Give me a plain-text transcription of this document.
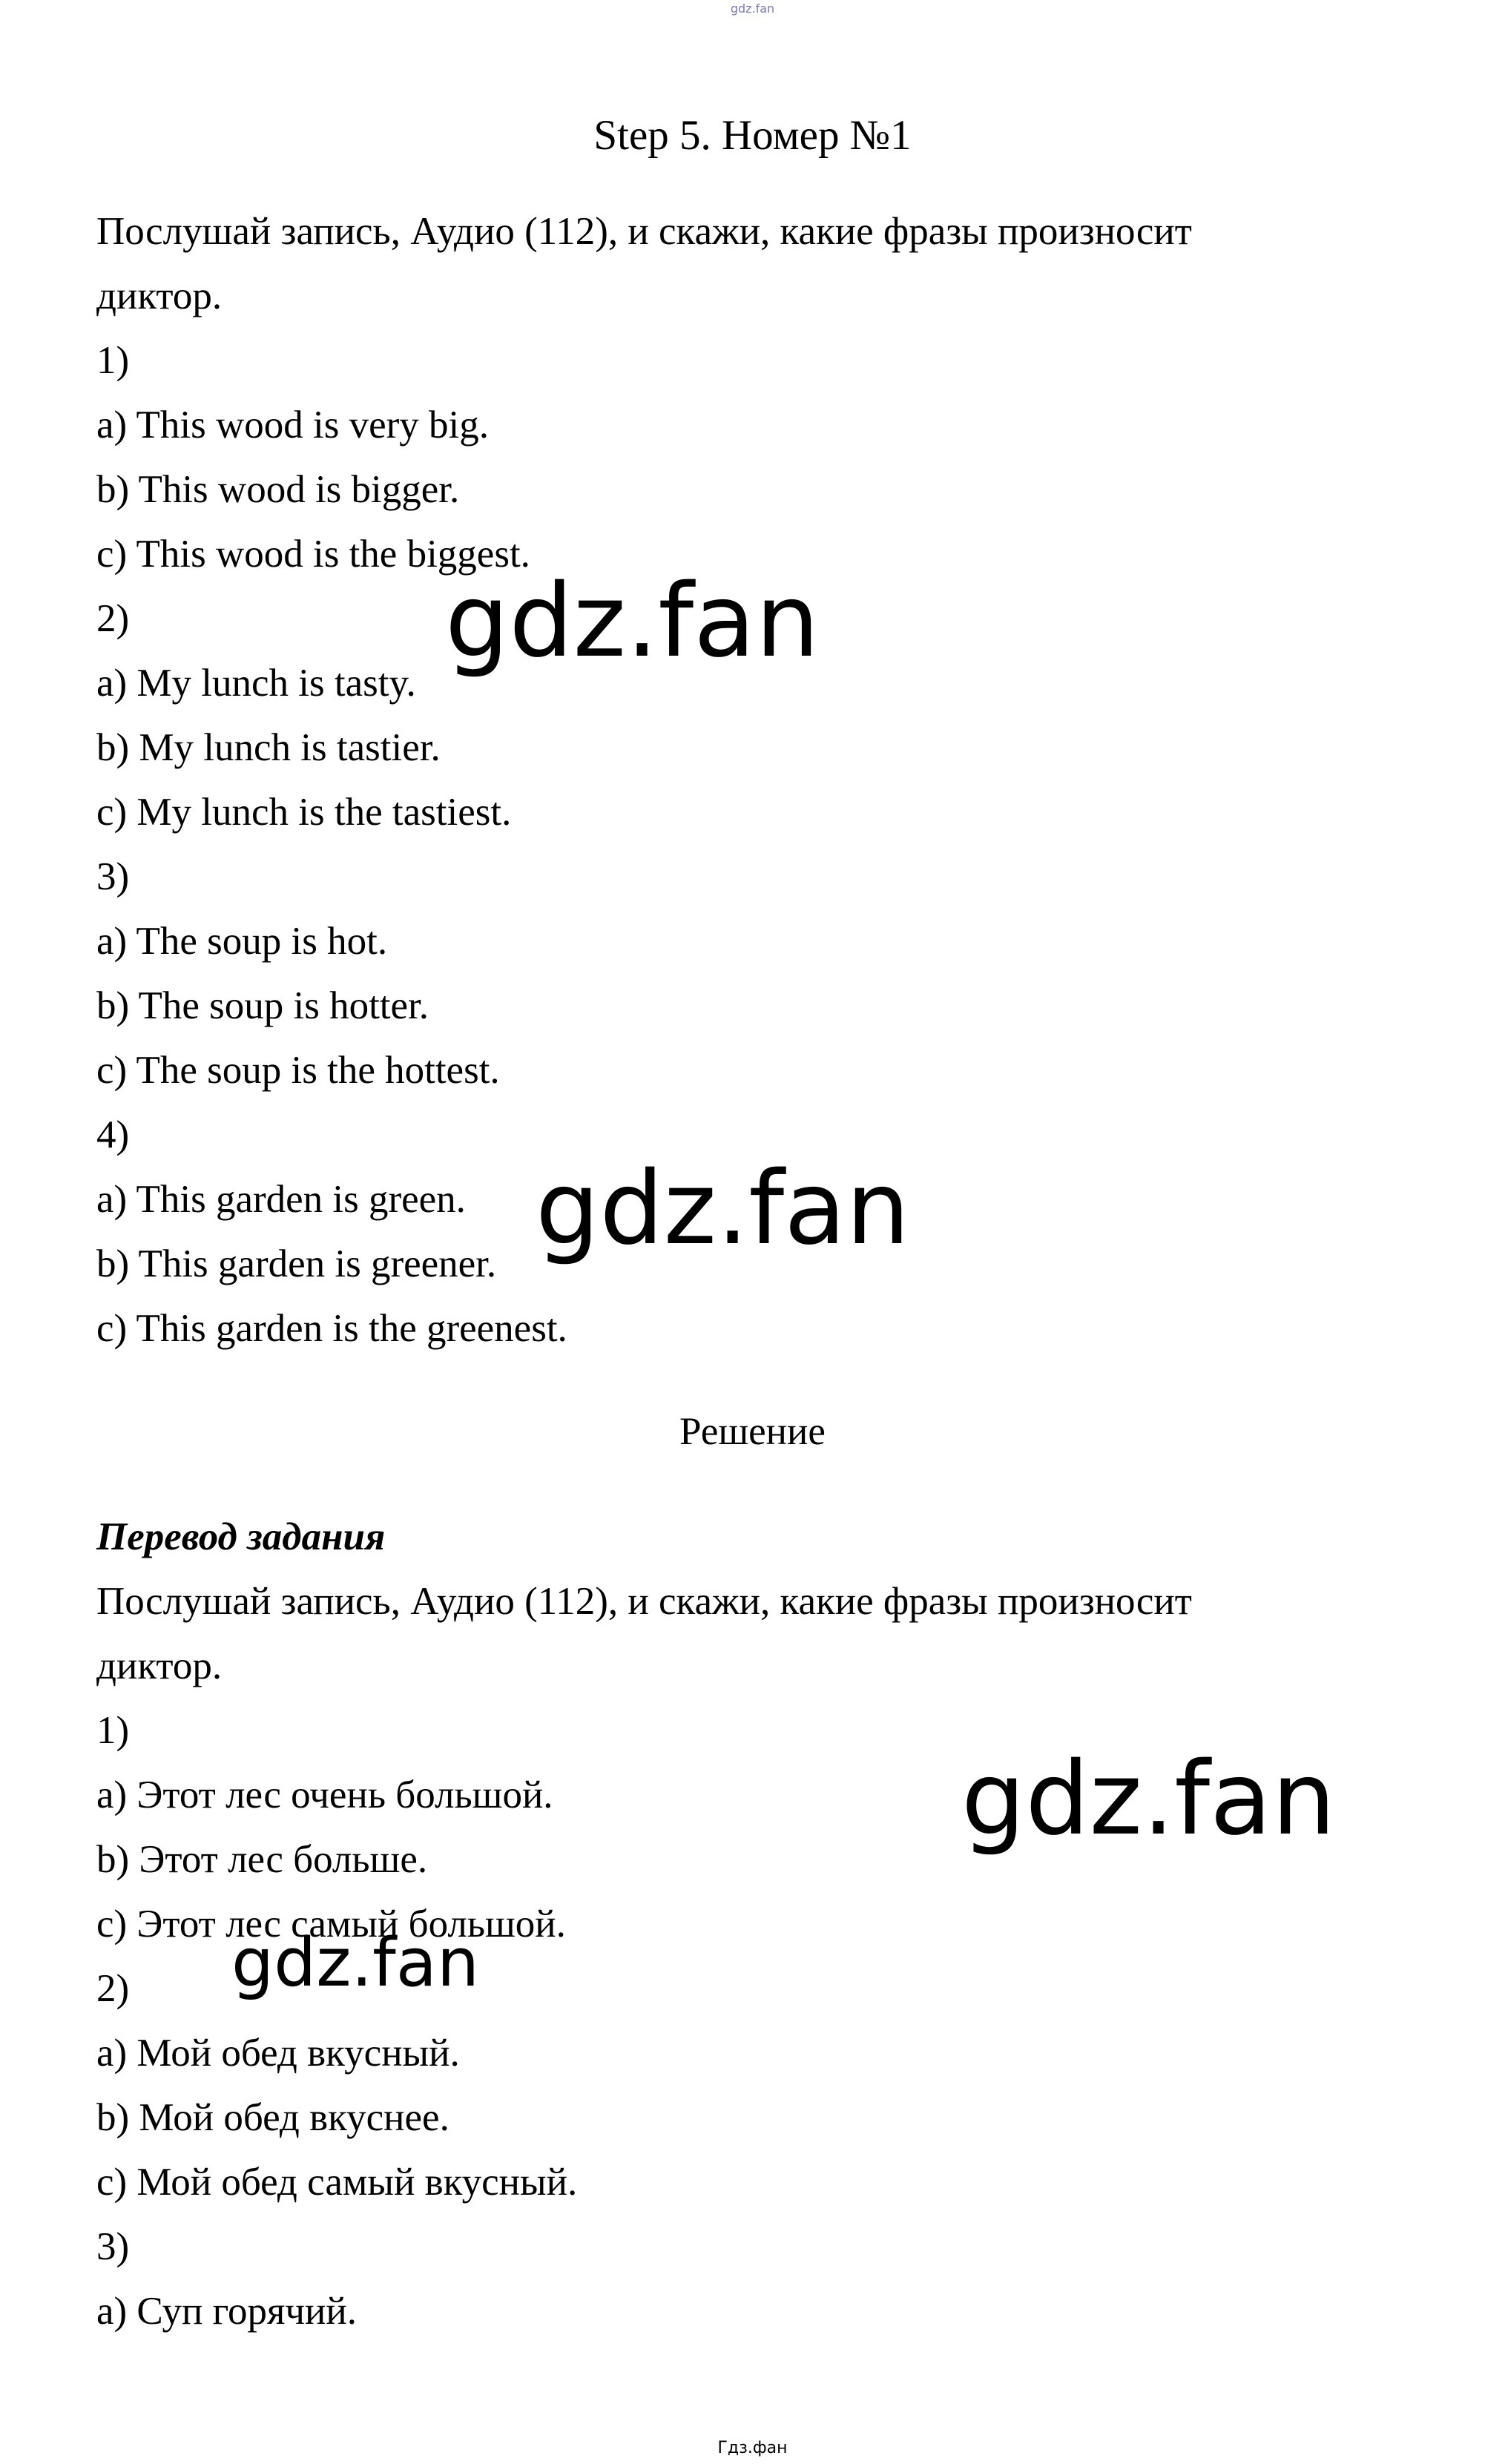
gdz.fan
Step 5. Номер №1
Послушай запись, Аудио (112), и скажи, какие фразы произносит
диктор.
1)
a) This wood is very big.
b) This wood is bigger.
c) This wood is the biggest.
2)
a) My lunch is tasty.
b) My lunch is tastier.
c) My lunch is the tastiest.
3)
a) The soup is hot.
b) The soup is hotter.
c) The soup is the hottest.
4)
a) This garden is green.
b) This garden is greener.
c) This garden is the greenest.
Решение
Перевод задания
Послушай запись, Аудио (112), и скажи, какие фразы произносит
диктор.
1)
a) Этот лес очень большой.
b) Этот лес больше.
c) Этот лес самый большой.
2)
a) Мой обед вкусный.
b) Мой обед вкуснее.
c) Мой обед самый вкусный.
3)
a) Суп горячий.
gdz.fan
gdz.fan
gdz.fan
gdz.fan
Гдз.фан
